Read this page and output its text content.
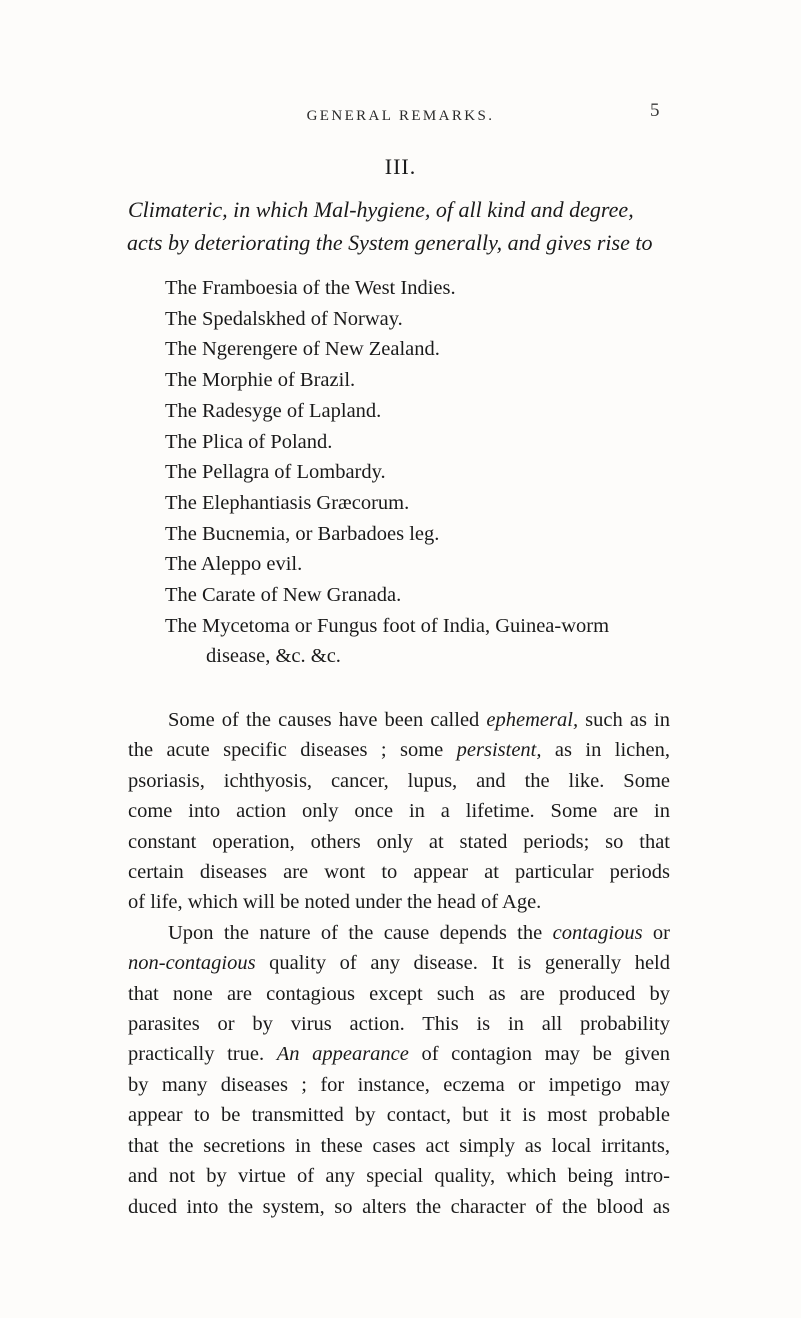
GENERAL REMARKS.	5
III.
Climateric, in which Mal-hygiene, of all kind and degree,
acts by deteriorating the System generally, and gives rise to
The Framboesia of the West Indies.
The Spedalskhed of Norway.
The Ngerengere of New Zealand.
The Morphie of Brazil.
The Radesyge of Lapland.
The Plica of Poland.
The Pellagra of Lombardy.
The Elephantiasis Græcorum.
The Bucnemia, or Barbadoes leg.
The Aleppo evil.
The Carate of New Granada.
The Mycetoma or Fungus foot of India, Guinea-worm
disease, &c. &c.
Some of the causes have been called ephemeral, such as in
the acute specific diseases ; some persistent, as in lichen,
psoriasis, ichthyosis, cancer, lupus, and the like. Some
come into action only once in a lifetime. Some are in
constant operation, others only at stated periods; so that
certain diseases are wont to appear at particular periods
of life, which will be noted under the head of Age.
Upon the nature of the cause depends the contagious or
non-contagious quality of any disease. It is generally held
that none are contagious except such as are produced by
parasites or by virus action. This is in all probability
practically true. An appearance of contagion may be given
by many diseases ; for instance, eczema or impetigo may
appear to be transmitted by contact, but it is most probable
that the secretions in these cases act simply as local irritants,
and not by virtue of any special quality, which being intro-
duced into the system, so alters the character of the blood as
